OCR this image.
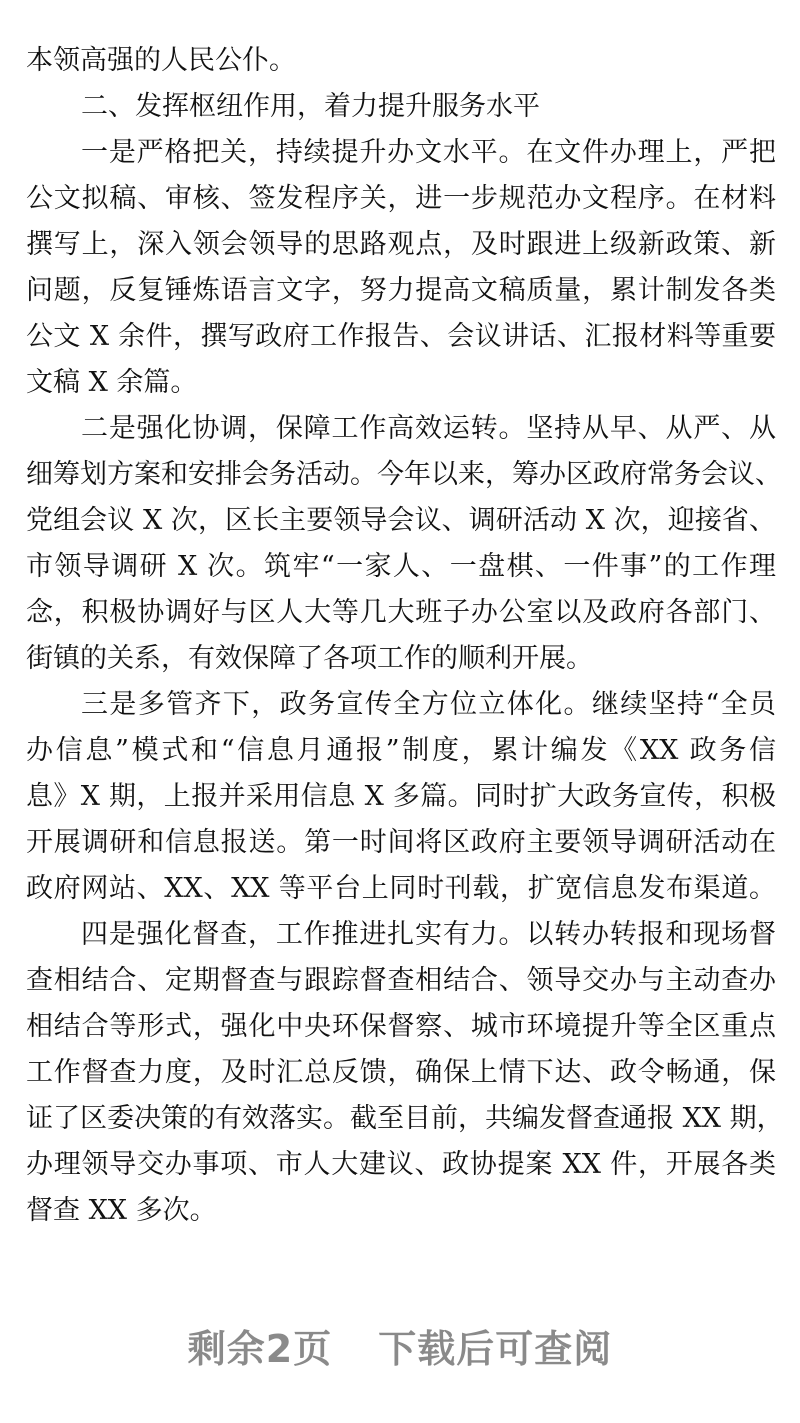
本领高强的人民公仆。
二、发挥枢纽作用，着力提升服务水平
一是严格把关，持续提升办文水平。在文件办理上，严把
公文拟稿、审核、签发程序关，进一步规范办文程序。在材料
撰写上，深入领会领导的思路观点，及时跟进上级新政策、新
问题，反复锤炼语言文字，努力提高文稿质量，累计制发各类
公文 X 余件，撰写政府工作报告、会议讲话、汇报材料等重要
文稿 X 余篇。
二是强化协调，保障工作高效运转。坚持从早、从严、从
细筹划方案和安排会务活动。今年以来，筹办区政府常务会议、
党组会议 X 次，区长主要领导会议、调研活动 X 次，迎接省、
市领导调研 X 次。筑牢“一家人、一盘棋、一件事”的工作理
念，积极协调好与区人大等几大班子办公室以及政府各部门、
街镇的关系，有效保障了各项工作的顺利开展。
三是多管齐下，政务宣传全方位立体化。继续坚持“全员
办信息”模式和“信息月通报”制度，累计编发《XX 政务信
息》X 期，上报并采用信息 X 多篇。同时扩大政务宣传，积极
开展调研和信息报送。第一时间将区政府主要领导调研活动在
政府网站、XX、XX 等平台上同时刊载，扩宽信息发布渠道。
四是强化督查，工作推进扎实有力。以转办转报和现场督
查相结合、定期督查与跟踪督查相结合、领导交办与主动查办
相结合等形式，强化中央环保督察、城市环境提升等全区重点
工作督查力度，及时汇总反馈，确保上情下达、政令畅通，保
证了区委决策的有效落实。截至目前，共编发督查通报 XX 期，
办理领导交办事项、市人大建议、政协提案 XX 件，开展各类
督查 XX 多次。
剩余2页 下载后可查阅
